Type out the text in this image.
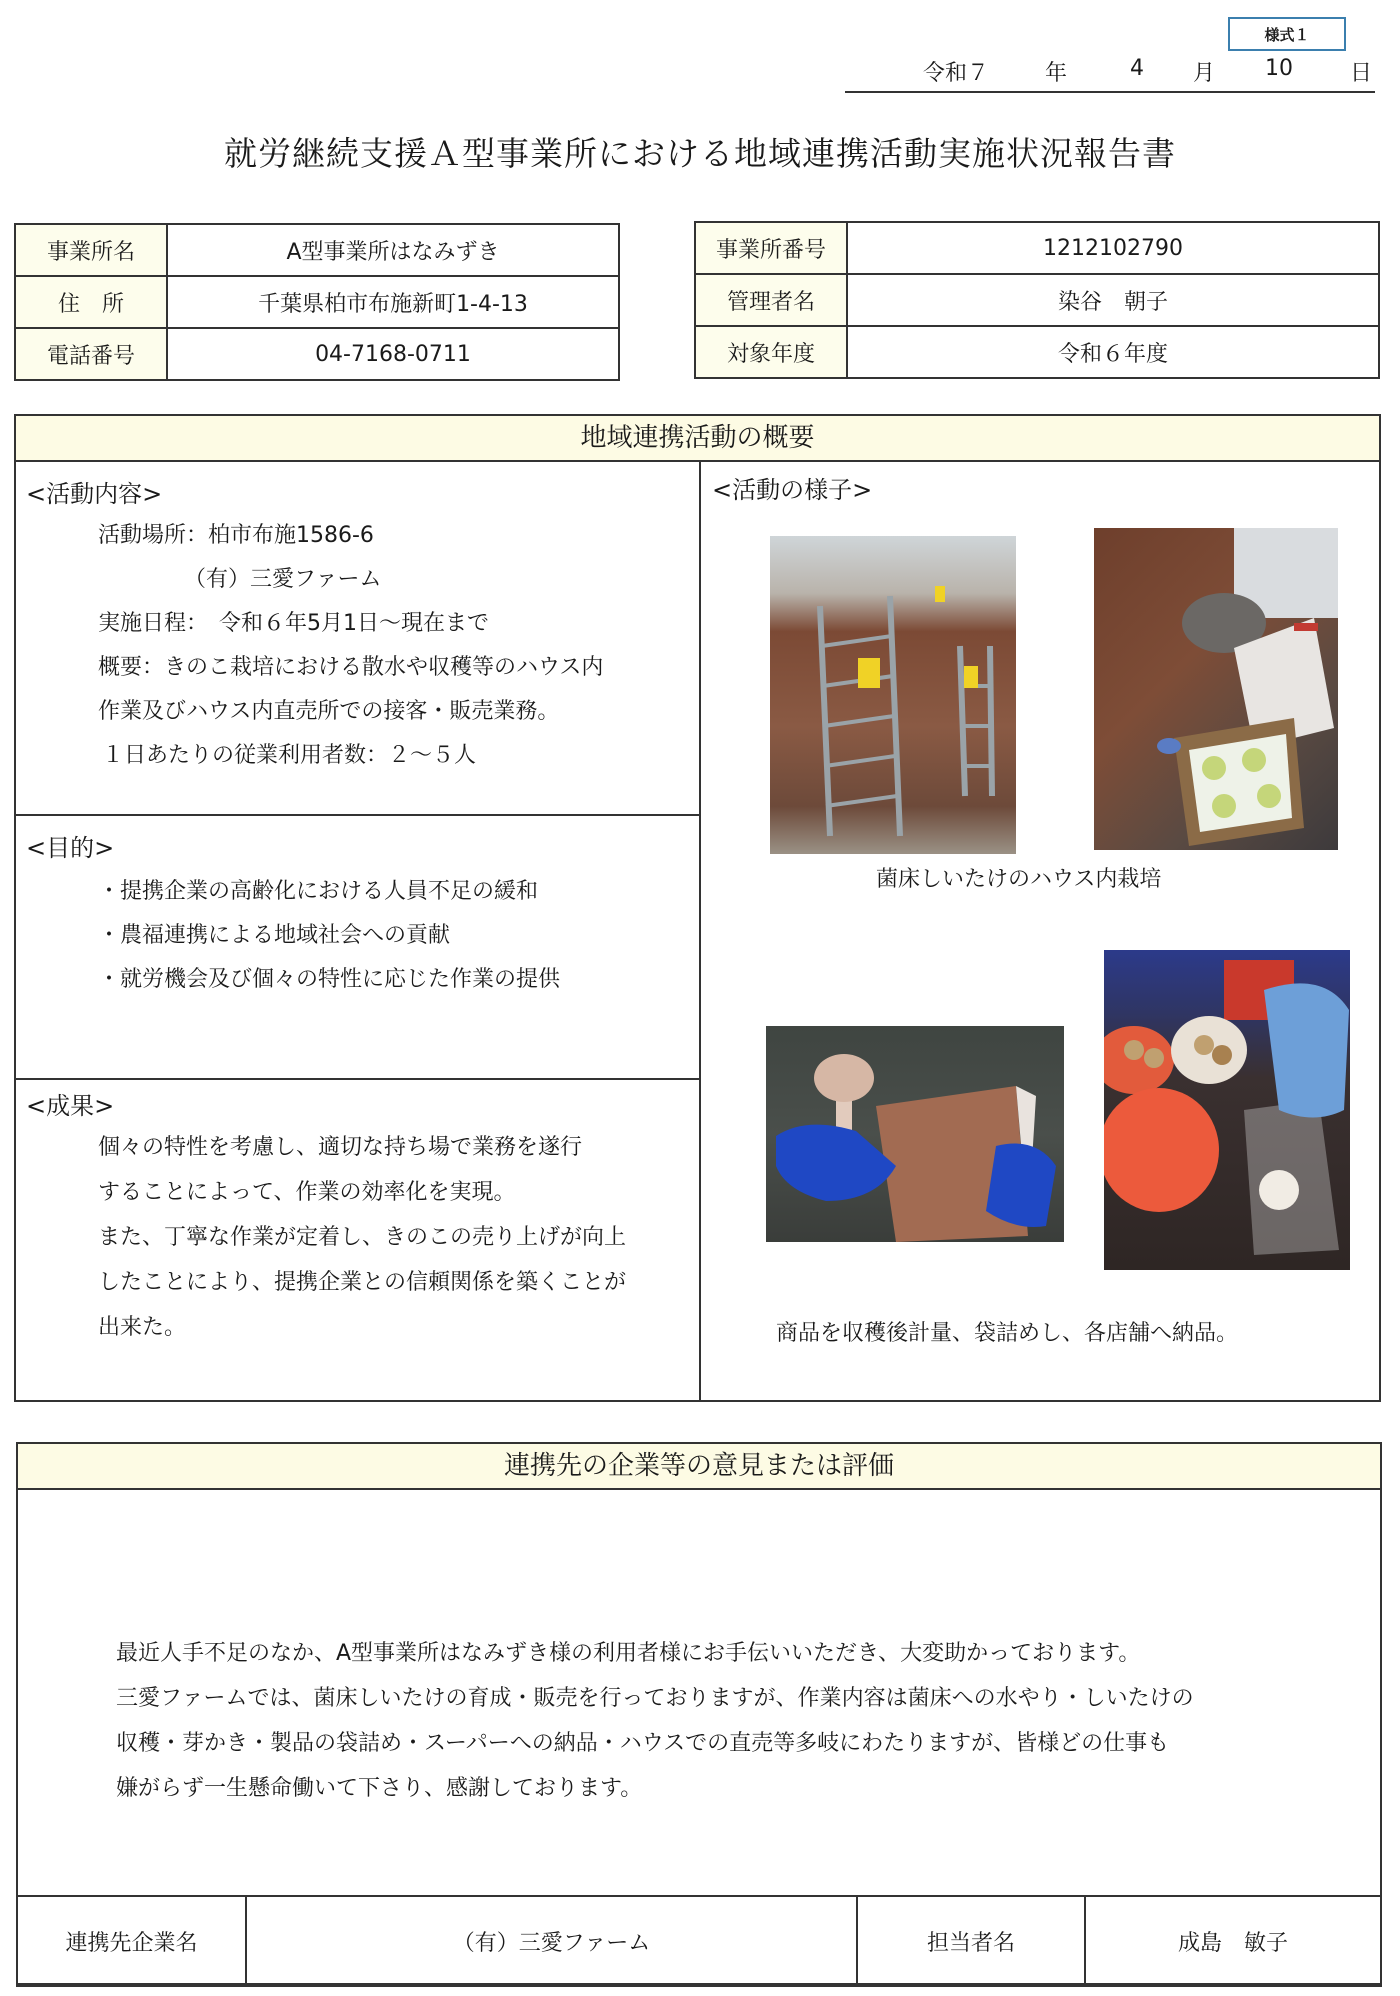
様式１
令和７	年	4 月 10	日
就労継続支援Ａ型事業所における地域連携活動実施状況報告書
事業所名	A型事業所はなみずき
住　所	千葉県柏市布施新町1-4-13
電話番号	04-7168-0711
事業所番号	1212102790
管理者名	染谷　朝子
対象年度	令和６年度
地域連携活動の概要
<活動内容>
活動場所：柏市布施1586-6
（有）三愛ファーム
実施日程：　令和６年5月1日～現在まで
概要：きのこ栽培における散水や収穫等のハウス内
作業及びハウス内直売所での接客・販売業務。
１日あたりの従業利用者数：２～５人
<目的>
・提携企業の高齢化における人員不足の緩和
・農福連携による地域社会への貢献
・就労機会及び個々の特性に応じた作業の提供
<成果>
個々の特性を考慮し、適切な持ち場で業務を遂行
することによって、作業の効率化を実現。
また、丁寧な作業が定着し、きのこの売り上げが向上
したことにより、提携企業との信頼関係を築くことが
出来た。
<活動の様子>
菌床しいたけのハウス内栽培
商品を収穫後計量、袋詰めし、各店舗へ納品。
連携先の企業等の意見または評価
最近人手不足のなか、A型事業所はなみずき様の利用者様にお手伝いいただき、大変助かっております。
三愛ファームでは、菌床しいたけの育成・販売を行っておりますが、作業内容は菌床への水やり・しいたけの
収穫・芽かき・製品の袋詰め・スーパーへの納品・ハウスでの直売等多岐にわたりますが、皆様どの仕事も
嫌がらず一生懸命働いて下さり、感謝しております。
連携先企業名	（有）三愛ファーム	担当者名	成島　敏子
